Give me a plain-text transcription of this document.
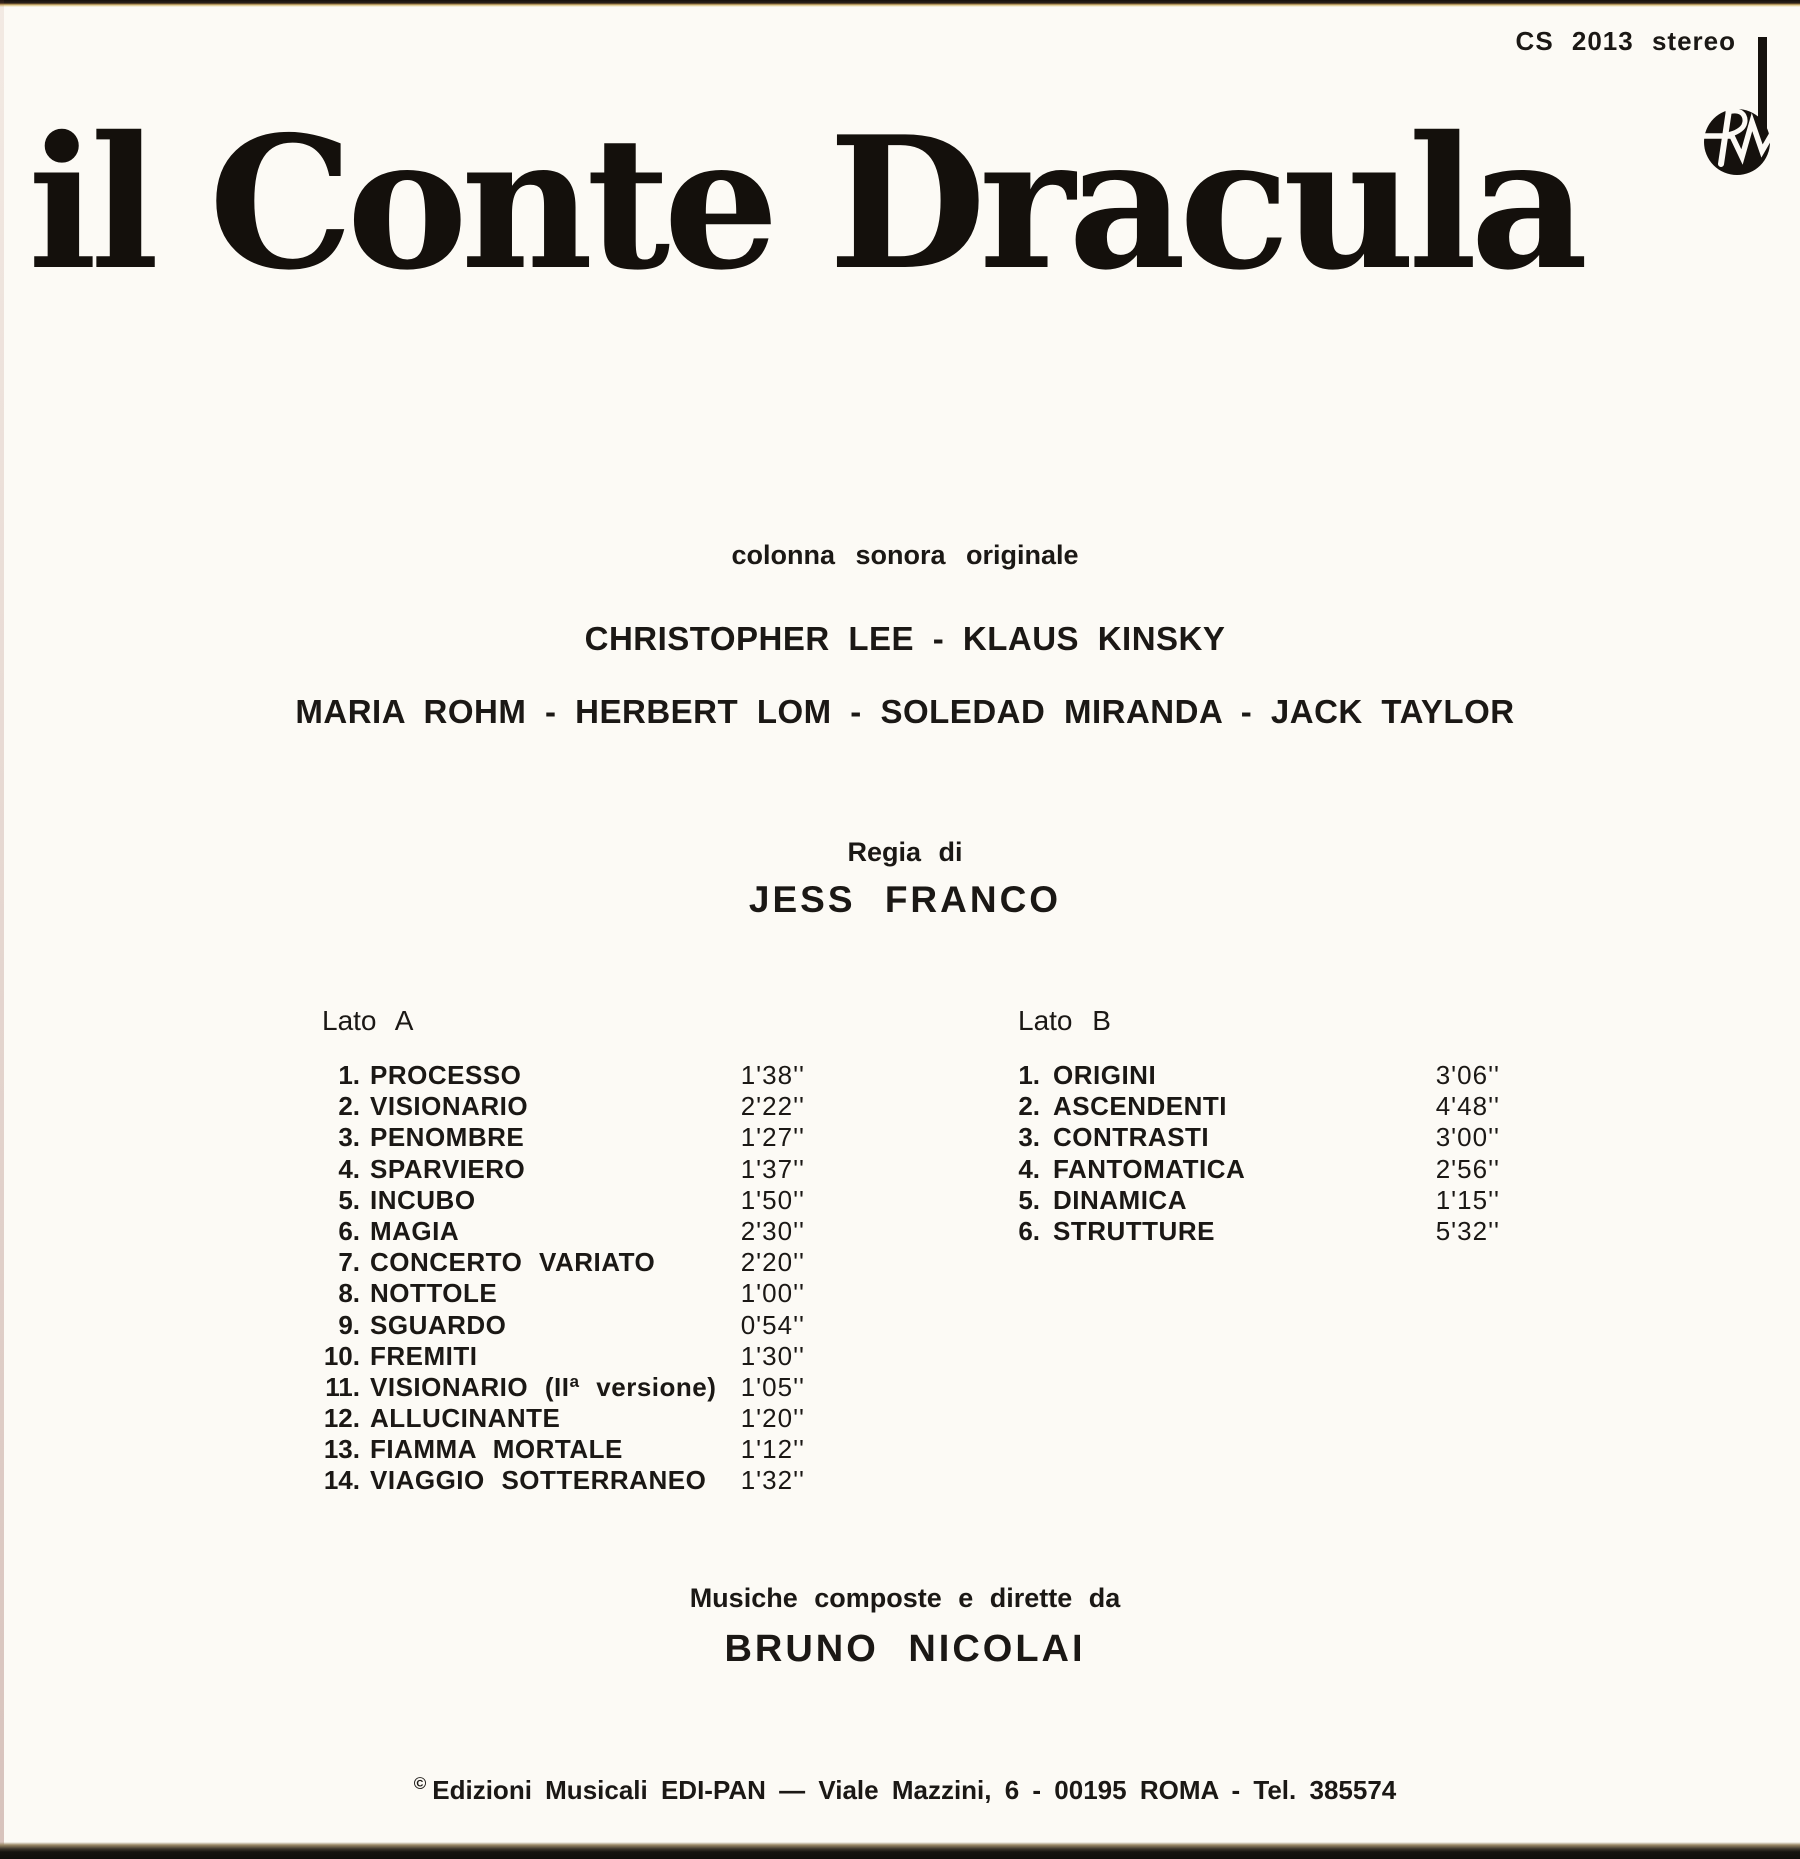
CS 2013 stereo
il Conte Dracula
colonna sonora originale
CHRISTOPHER LEE - KLAUS KINSKY
MARIA ROHM - HERBERT LOM - SOLEDAD MIRANDA - JACK TAYLOR
Regia di
JESS FRANCO
Lato A
1. PROCESSO	1'38''
2. VISIONARIO	2'22''
3. PENOMBRE	1'27''
4. SPARVIERO	1'37''
5. INCUBO	1'50''
6. MAGIA	2'30''
7. CONCERTO VARIATO	2'20''
8. NOTTOLE	1'00''
9. SGUARDO	0'54''
10. FREMITI	1'30''
11. VISIONARIO (IIª versione) 1'05''
12. ALLUCINANTE	1'20''
13. FIAMMA MORTALE	1'12''
14. VIAGGIO SOTTERRANEO 1'32''
Lato B
1. ORIGINI	3'06''
2. ASCENDENTI	4'48''
3. CONTRASTI	3'00''
4. FANTOMATICA	2'56''
5. DINAMICA	1'15''
6. STRUTTURE	5'32''
Musiche composte e dirette da
BRUNO NICOLAI
© Edizioni Musicali EDI-PAN — Viale Mazzini, 6 - 00195 ROMA - Tel. 385574
